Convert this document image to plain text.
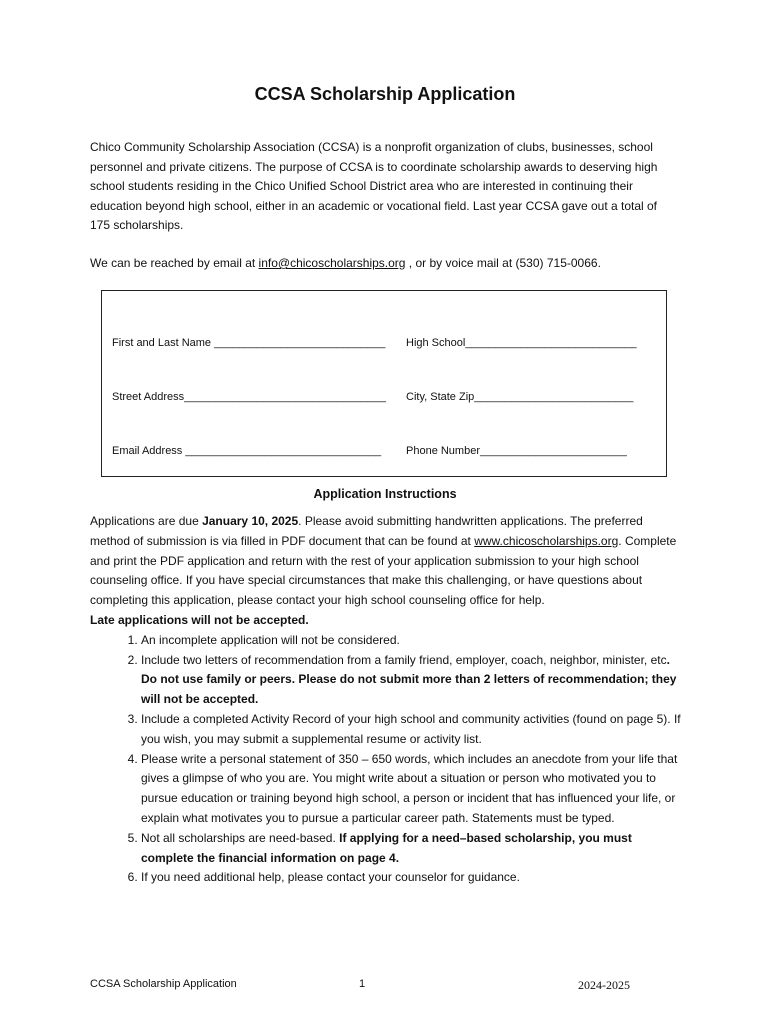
CCSA Scholarship Application
Chico Community Scholarship Association (CCSA) is a nonprofit organization of clubs, businesses, school personnel and private citizens. The purpose of CCSA is to coordinate scholarship awards to deserving high school students residing in the Chico Unified School District area who are interested in continuing their education beyond high school, either in an academic or vocational field. Last year CCSA gave out a total of 175 scholarships.
We can be reached by email at info@chicoscholarships.org , or by voice mail at (530) 715-0066.
First and Last Name ____________________________ High School____________________________
Street Address_________________________________ City, State Zip__________________________
Email Address ________________________________ Phone Number________________________
Application Instructions

Applications are due January 10, 2025. Please avoid submitting handwritten applications. The preferred method of submission is via filled in PDF document that can be found at www.chicoscholarships.org. Complete and print the PDF application and return with the rest of your application submission to your high school counseling office. If you have special circumstances that make this challenging, or have questions about completing this application, please contact your high school counseling office for help.

Late applications will not be accepted.

1. An incomplete application will not be considered.
2. Include two letters of recommendation from a family friend, employer, coach, neighbor, minister, etc. Do not use family or peers. Please do not submit more than 2 letters of recommendation; they will not be accepted.
3. Include a completed Activity Record of your high school and community activities (found on page 5). If you wish, you may submit a supplemental resume or activity list.
4. Please write a personal statement of 350 – 650 words, which includes an anecdote from your life that gives a glimpse of who you are. You might write about a situation or person who motivated you to pursue education or training beyond high school, a person or incident that has influenced your life, or explain what motivates you to pursue a particular career path. Statements must be typed.
5. Not all scholarships are need-based. If applying for a need–based scholarship, you must complete the financial information on page 4.
6. If you need additional help, please contact your counselor for guidance.
CCSA Scholarship Application	1	2024-2025
